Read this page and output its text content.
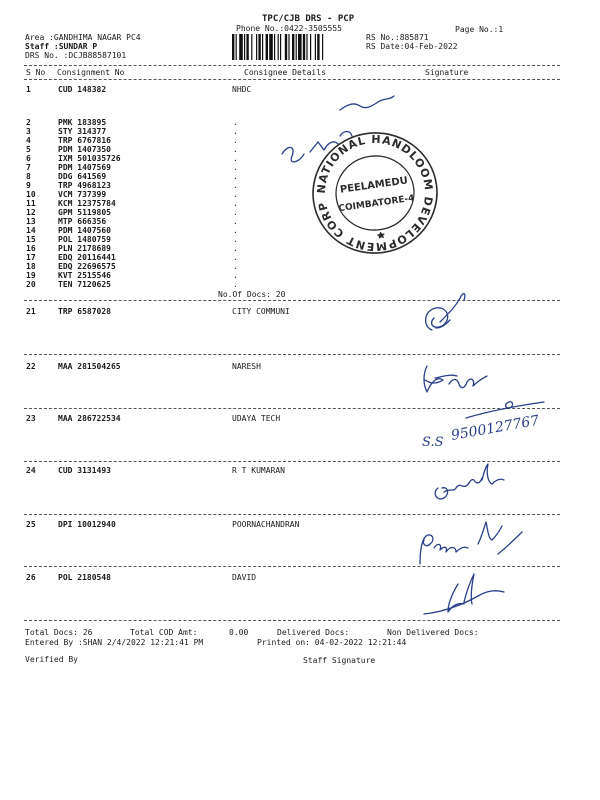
TPC/CJB DRS - PCP
Phone No.:0422-3505555	Page No.:1
Area :GANDHIMA NAGAR PC4
Staff :SUNDAR P
DRS No. :DCJB88587101
RS No.:885871
RS Date:04-Feb-2022
S No Consignment No	Consignee Details	Signature
1	CUD 148382	NHDC
2	PMK 183895	.
3	STY 314377	.
4	TRP 6767816	.
5	PDM 1407350	.
6	IXM 501035726	.
7	PDM 1407569	.
8	DDG 641569	.
9	TRP 4968123	.
10	VCM 737399	.
11	KCM 12375784	.
12	GPM 5119805	.
13	MTP 666356	.
14	PDM 1407560	.
15	POL 1480759	.
16	PLN 2178689	.
17	EDQ 20116441	.
18	EDQ 22696575	.
19	KVT 2515546	.
20	TEN 7120625	.
No.Of Docs: 20
21	TRP 6587028	CITY COMMUNI
22	MAA 281504265	NARESH
23	MAA 286722534	UDAYA TECH
24	CUD 3131493	R T KUMARAN
25	DPI 10012940	POORNACHANDRAN
26	POL 2180548	DAVID
Total Docs: 26	Total COD Amt:	0.00	Delivered Docs:	Non Delivered Docs:
Entered By :SHAN 2/4/2022 12:21:41 PM	Printed on: 04-02-2022 12:21:44
Verified By	Staff Signature
NATIONAL HANDLOOM DEVELOPMENT CORPN LTD
PEELAMEDU
COIMBATORE-4
S.S 9500127767
